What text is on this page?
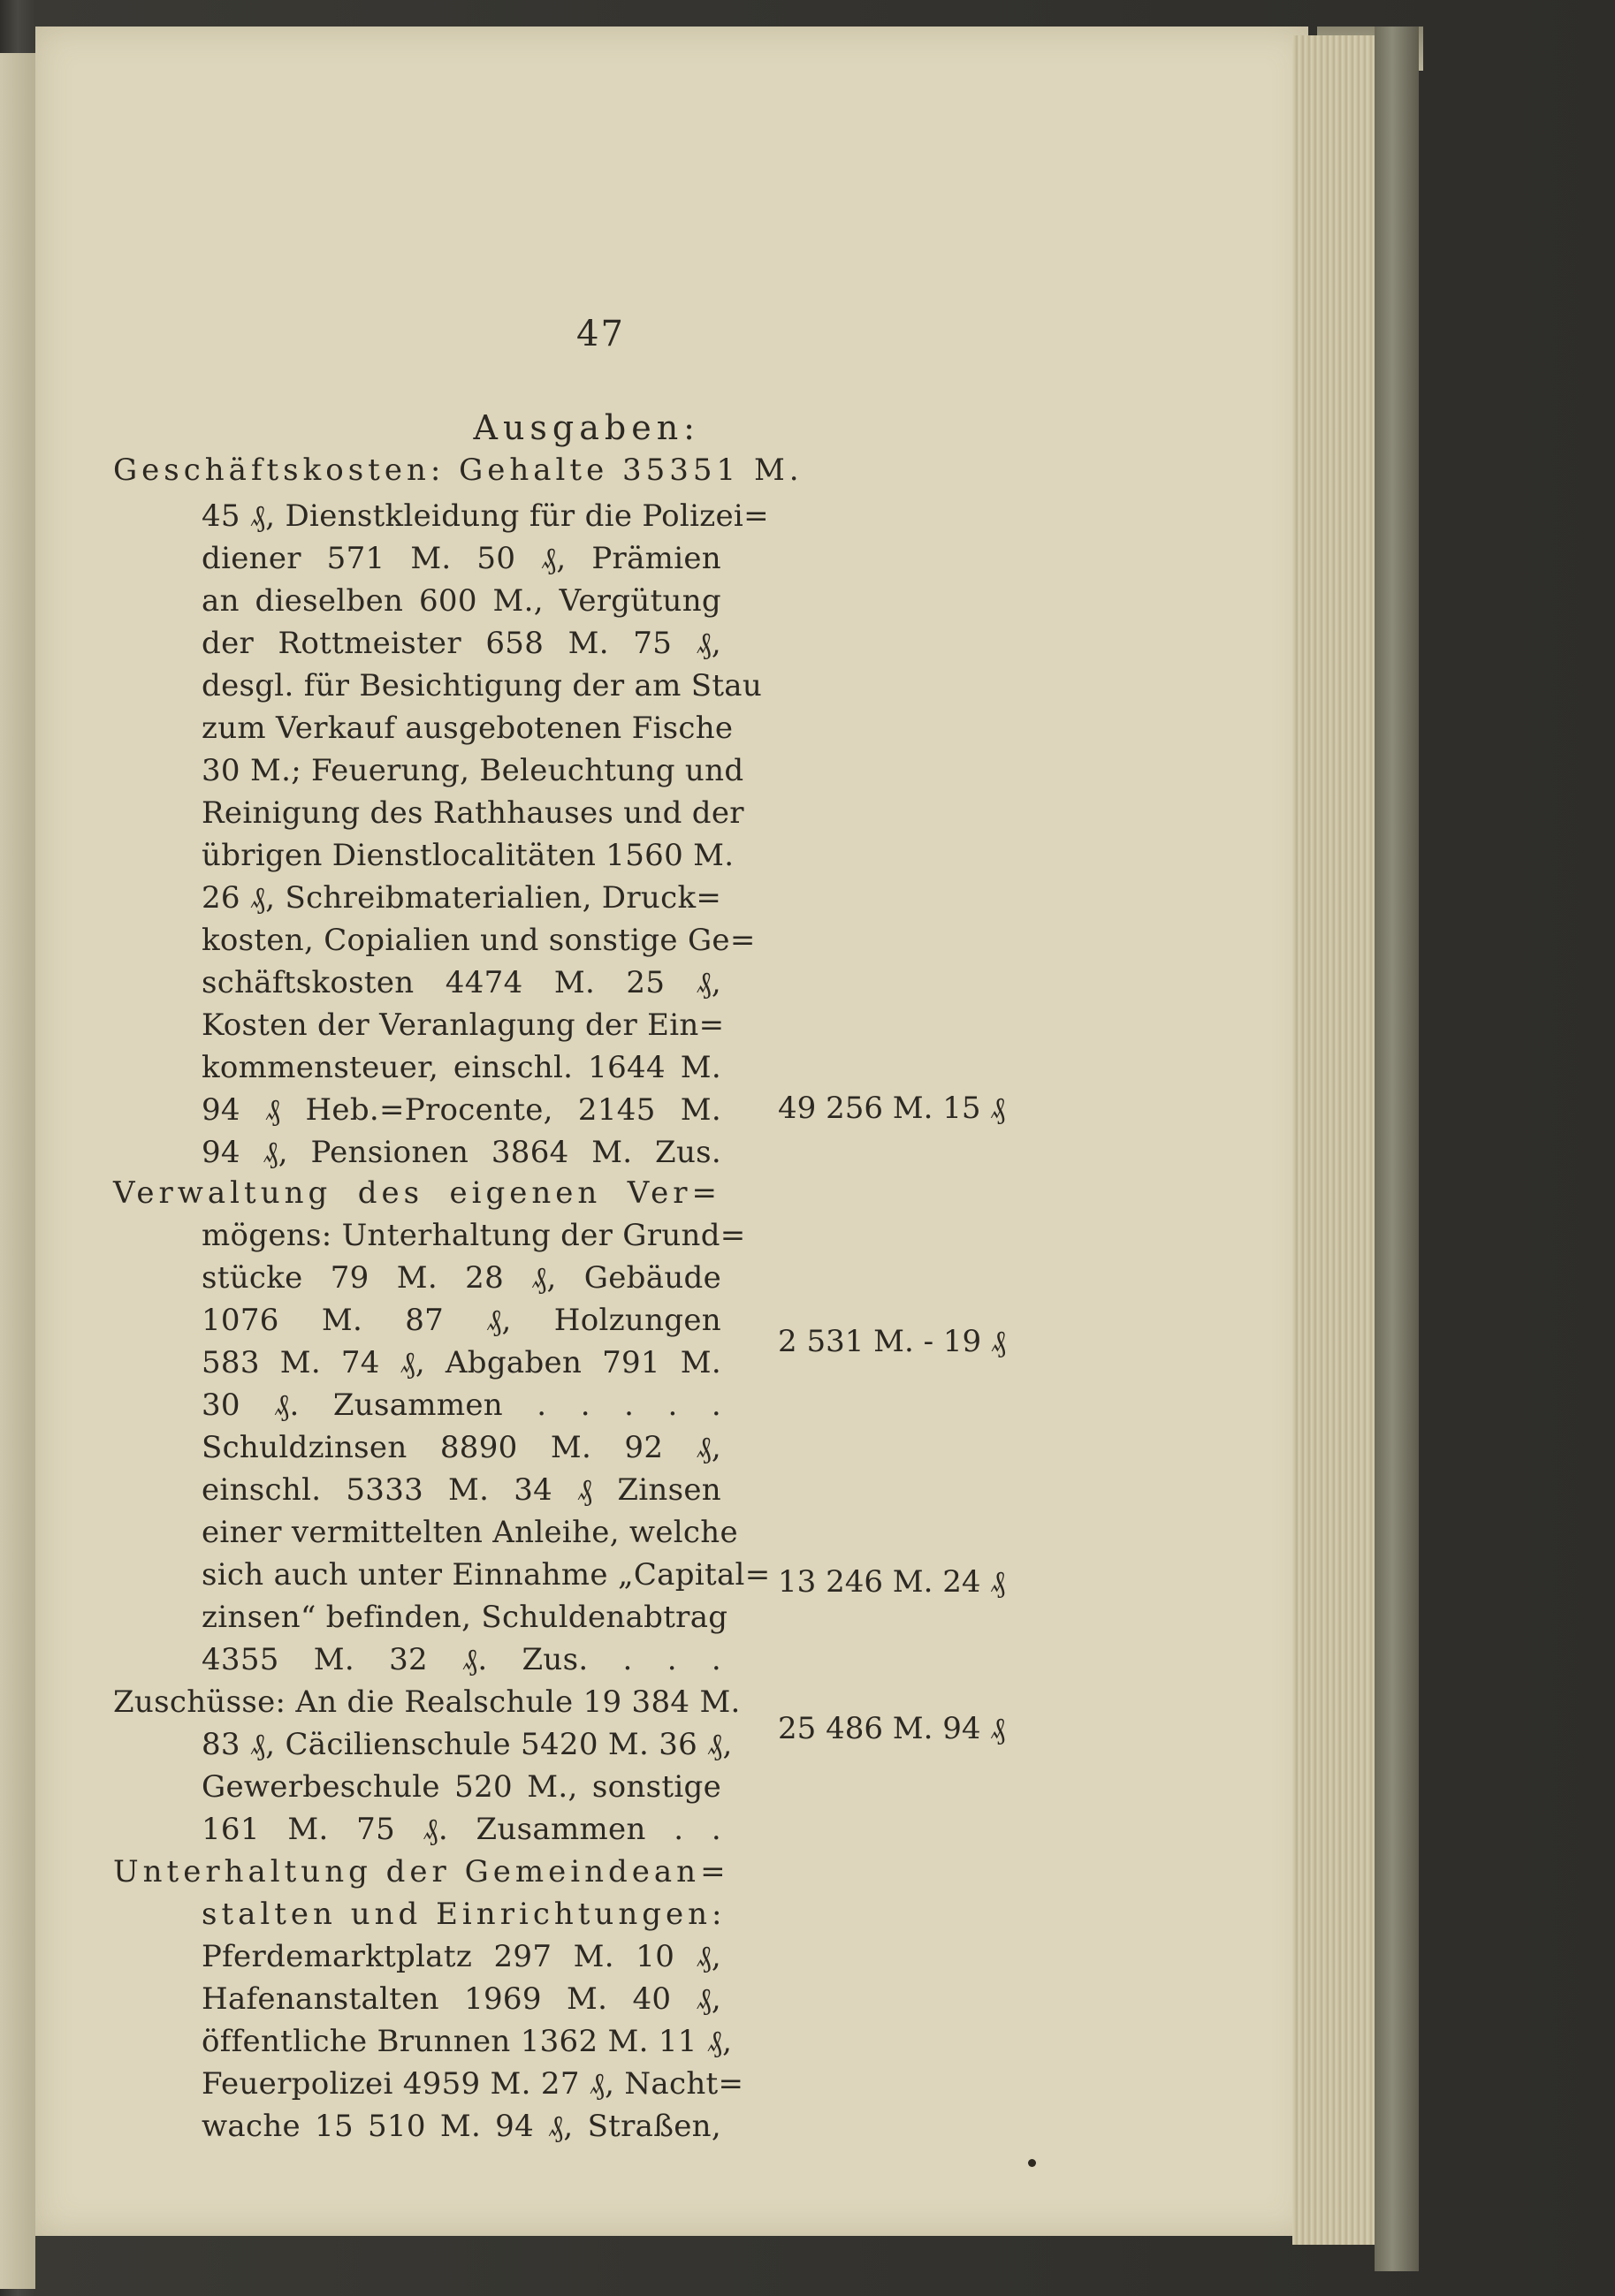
47
Ausgaben:
Geschäftskosten: Gehalte 35351 M.
45 ₰, Dienstkleidung für die Polizei=
diener 571 M. 50 ₰, Prämien
an dieselben 600 M., Vergütung
der Rottmeister 658 M. 75 ₰,
desgl. für Besichtigung der am Stau
zum Verkauf ausgebotenen Fische
30 M.; Feuerung, Beleuchtung und
Reinigung des Rathhauses und der
übrigen Dienstlocalitäten 1560 M.
26 ₰, Schreibmaterialien, Druck=
kosten, Copialien und sonstige Ge=
schäftskosten 4474 M. 25 ₰,
Kosten der Veranlagung der Ein=
kommensteuer, einschl. 1644 M.
94 ₰ Heb.=Procente, 2145 M.
94 ₰, Pensionen 3864 M. Zus.
49 256 M. 15 ₰
Verwaltung des eigenen Ver=
mögens: Unterhaltung der Grund=
stücke 79 M. 28 ₰, Gebäude
1076 M. 87 ₰, Holzungen
583 M. 74 ₰, Abgaben 791 M.
30 ₰. Zusammen . . . . .
2 531 M. - 19 ₰
Schuldzinsen 8890 M. 92 ₰,
einschl. 5333 M. 34 ₰ Zinsen
einer vermittelten Anleihe, welche
sich auch unter Einnahme „Capital=
zinsen“ befinden, Schuldenabtrag
4355 M. 32 ₰. Zus. . . .
13 246 M. 24 ₰
Zuschüsse: An die Realschule 19 384 M.
83 ₰, Cäcilienschule 5420 M. 36 ₰,
Gewerbeschule 520 M., sonstige
161 M. 75 ₰. Zusammen . .
25 486 M. 94 ₰
Unterhaltung der Gemeindean=
stalten und Einrichtungen:
Pferdemarktplatz 297 M. 10 ₰,
Hafenanstalten 1969 M. 40 ₰,
öffentliche Brunnen 1362 M. 11 ₰,
Feuerpolizei 4959 M. 27 ₰, Nacht=
wache 15 510 M. 94 ₰, Straßen,
